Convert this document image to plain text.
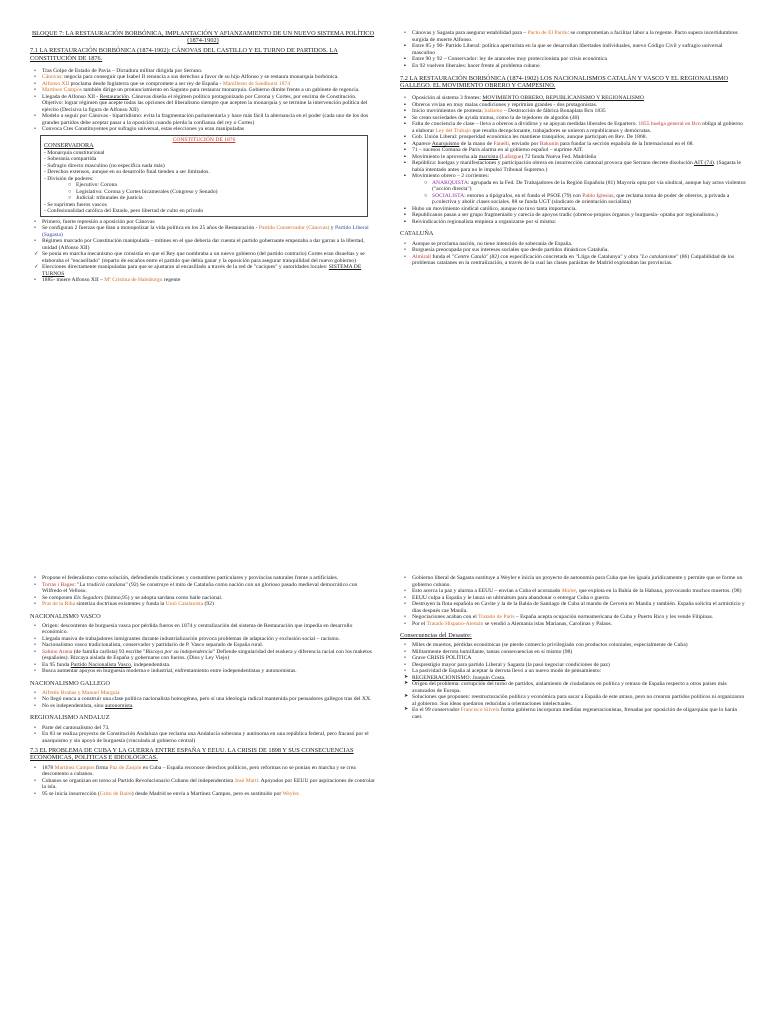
BLOQUE 7: LA RESTAURACIÓN BORBÓNICA, IMPLANTACIÓN Y AFIANZAMIENTO DE UN NUEVO SISTEMA POLÍTICO (1874-1902)
7.1 LA RESTAURACIÓN BORBÓNICA (1874-1902): CÁNOVAS DEL CASTILLO Y EL TURNO DE PARTIDOS. LA CONSTITUCIÓN DE 1876.
• Tras Golpe de Estado de Pavía – Dictadura militar dirigida por Serrano.
• Cánovas: negocia para conseguir que Isabel II renuncia a sus derechos a favor de su hijo Alfonso y se restaura monarquía borbónica.
• Alfonso XII proclama desde Inglaterra que se compromete a ser rey de España - Manifiesto de Sandhurst 1874
• Martínez Campos también dirige un pronunciamiento en Sagunto para restaurar monarquía. Gobierno dimite frente a un gabinete de regencia.
• Llegada de Alfonso XII - Restauración. Cánovas diseña el régimen político protagonizado por Corona y Cortes, por encima de Constitución. Objetivo: lograr régimen que acepte todas las opciones del liberalismo siempre que acepten la monarquía y se termine la intervención política del ejército (Decisiva la figura de Alfonso XII)
• Modelo a seguir por Cánovas - bipartidismo: evita la fragmentación parlamentaria y hace más fácil la alternancia en el poder (cada uno de los dos grandes partidos debe aceptar pasar a la oposición cuando pierda la confianza del rey o Cortes)
• Convoca Ctes Constituyentes por sufragio universal, estas elecciones ya eran manipuladas
CONSTITUCIÓN DE 1876
CONSERVADORA
- Monarquía constitucional
- Soberanía compartida
- Sufragio directo masculino (no especifica nada más)
- Derechos extensos, aunque en su desarrollo final tienden a ser limitados.
- División de poderes:
○ Ejecutivo: Corona
○ Legislativo: Corona y Cortes bicamerales (Congreso y Senado)
○ Judicial: tribunales de justicia
- Se suprimen fueros vascos
- Confesionalidad católica del Estado, pero libertad de culto en privado
• Primero, fuerte represión a oposición por Cánovas
• Se configuran 2 fuerzas que iban a monopolizar la vida política en los 25 años de Restauración - Partido Conservador (Cánovas) y Partido Liberal (Sagasta)
• Régimen marcado por Constitución manipulada – mítines en el que debería dar cuenta el partido gobernante empezaba a dar garras a la libertad, unidad (Alfonso XII)
✓ Se ponía en marcha mecanismo que consistía en que el Rey que nombraba a un nuevo gobierno (del partido contrario) Cortes eran disueltas y se elaboraba el "encasillado" (reparto de escaños entre el partido que debía ganar y la oposición para asegurar tranquilidad del nuevo gobierno)
✓ Elecciones directamente manipuladas para que se ajustaran al encasillado a través de la red de "caciques" y autoridades locales: SISTEMA DE TURNOS
• 1885- muere Alfonso XII – Mª Cristina de Habsburgo regente
• Cánovas y Sagasta para asegurar estabilidad para – Pacto de El Pardo: se comprometían a facilitar labor a la regente. Pacto supera incertidumbres surgida de muerte Alfonso.
▪ Entre 85 y 90- Partido Liberal: política aperturista en la que se desarrollan libertades individuales, nuevo Código Civil y sufragio universal masculino
▪ Entre 90 y 92 – Conservador: ley de aranceles muy proteccionista por crisis económica
▪ En 92 vuelven liberales: hacer frente al problema cubano
7.2 LA RESTAURACIÓN BORBÓNICA (1874-1902) LOS NACIONALISMOS CATALÁN Y VASCO Y EL REGIONALISMO GALLEGO. EL MOVIMIENTO OBRERO Y CAMPESINO.
• Oposición al sistema 3 frentes: MOVIMIENTO OBRERO, REPUBLICANISMO Y REGIONALISMO
▪ Obreros vivían en muy malas condiciones y reprimían grandes - dos protagonistas.
▪ Inicio movimientos de protesta: ludismo – Destrucción de fábrica Bonaplata Bcn 1835
▪ Se crean sociedades de ayuda mutua, como la de tejedores de algodón (40)
▪ Falta de conciencia de clase – lleva a obreros a dividirse y se apoyan medidas liberales de Espartero. 1855 huelga general en Bcn obliga al gobierno a elaborar Ley del Trabajo que resulta decepcionante, trabajadores se unieron a republicanos y demócratas.
▪ Gob. Unión Liberal: prosperidad económica les mantiene tranquilos, aunque participan en Rev. De 1868.
▪ Aparece Anarquismo de la mano de Fanelli, enviado por Bakunin para fundar la sección española de la Internacional en el 68.
▪ 71 – sucesos Comuna de París alarma en al gobierno español – suprime AIT.
▪ Movimiento le aprovecha ala marxista (Lafargue) 72 funda Nueva Fed. Madrileña
▪ República: huelgas y manifestaciones y participación obrera en insurrección cantonal provoca que Serrano decrete disolución AIT (74). (Sagasta le había intentado antes para no le impulsó Tribunal Supremo.)
▪ Movimiento obrero – 2 corrientes:
○ ANARQUISTA: agrupada en la Fed. De Trabajadores de la Región Española (81) Mayoría opta por via sindical, aunque hay actos violentos ("acción directa")
○ SOCIALISTA: entorno a tipógrafos, en el fundo el PSOE (79) con Pablo Iglesias, que reclama toma de poder de obreros, p.privada a p.colectiva y abolir clases sociales. 88 se funda UGT (sindicato de orientación socialista)
▪ Hubo un movimiento sindical católico, aunque no tuvo tanta importancia.
▪ Republicanos pasan a ser grupo fragmentado y carecía de apoyos tradic (obreros-propios órganos y burguesía- optaba por regionalismo.)
▪ Reivindicación regionalista empieza a organizarse por sí misma:
CATALUÑA
• Aunque se proclama nación, no tiene intención de soberanía de España.
• Burguesía preocupada por sus intereses sociales que desde partidos dinásticos Cataluña.
• Almirall funda el "Centre Català" (82) con especificación concretada en "Lliga de Catalunya" y obra "Lo catalanisme" (86) Culpabilidad de los problemas catalanes en la centralización, a través de la cual las clases parásitas de Madrid explotaban las provincias.
• Propone el federalismo como solución, defendiendo tradiciones y costumbres particulares y provincias naturales frente a artificiales.
• Torras i Bages: "La tradició catalana" (92) Se construye el mito de Cataluña como nación con un glorioso pasado medieval democrático con Wilfredo el Velloso.
• Se componen Els Segadors (himno,95) y se adopta sardana como baile nacional.
• Prat de la Riba sintetiza doctrinas existentes y funda la Unió Catalanista (92)
NACIONALISMO VASCO
• Origen: descontento de burguesía vasca por pérdida fueros en 1874 y centralización del sistema de Restauración que impedía en desarrollo económico.
• Llegada masiva de trabajadores inmigrantes durante industrialización provoca problemas de adaptación y exclusión social – racismo.
• Nacionalismo vasco tradicionalista, conservador y partidario de P. Vasco separado de España rural.
• Sabino Arana (de familia carlista) 93 escribe "Bizcaya por su independencia" Defiende singularidad del euskera y diferencia racial con los maketos (españoles). Bizcaya aislada de España y gobernarse con fueros. (Dios y Ley Viejo)
• En 95 funda Partido Nacionalista Vasco, independentista.
• Busca aumentar apoyos en burguesía moderna e industrial, enfrentamiento entre independentistas y autonomistas.
NACIONALISMO GALLEGO
• Alfredo Brañas y Manuel Murguía
• No llegó nunca a construir una clase política nacionalista homogénea, pero sí una ideología radical mantenida por pensadores gallegos tras del XX.
• No es independentista, sino autonomista.
REGIONALISMO ANDALUZ
• Parte del cantonalismo del 73.
• En 83 se realiza proyecto de Constitución Andaluza que reclama una Andalucía soberana y autónoma en una república federal, pero fracasó por el anarquismo y sin apoyo de burguesía (vinculada al gobierno central)
7.3 EL PROBLEMA DE CUBA Y LA GUERRA ENTRE ESPAÑA Y EEUU. LA CRISIS DE 1898 Y SUS CONSECUENCIAS ECONÓMICAS, POLÍTICAS E IDEOLÓGICAS.
• 1878 Martínez Campos firma Paz de Zanjón en Cuba – España reconoce derechos políticos, pero reformas no se ponían en marcha y se crea descontento a cubanos.
• Cubanos se organizan en torno al Partido Revolucionario Cubano del independentista José Martí. Apoyados por EEUU por aspiraciones de controlar la isla.
• 95 se inicia insurrección (Grito de Baire) desde Madrid se envía a Martínez Campos, pero es sustituido por Weyler.
• Gobierno liberal de Sagasta sustituye a Weyler e inicia un proyecto de autonomía para Cuba que les iguala jurídicamente y permite que se forme un gobierno cubano.
• Esto acerca la paz y alarma a EEUU – envían a Cuba el acorazado Maine, que explota en la Bahía de la Habana, provocando muchos muertos. (98)
• EEUU culpa a España y le lanza un ultimátum para abandonar o entregar Cuba o guerra.
• Destruyen la flota española en Cavite y la de la Bahía de Santiago de Cuba al mando de Cervera en Manila y también. España solicita el armisticio y días después cae Manila.
• Negociaciones acaban con el Tratado de París – España acepta ocupación norteamericana de Cuba y Puerto Rico y les vende Filipinas.
• Por el Tratado Hispano-Alemán se vendió a Alemania islas Marianas, Carolinas y Palaos.
Consecuencias del Desastre:
• Miles de muertos, pérdidas económicas (se pierde comercio privilegiado con productos coloniales, especialmente de Cuba)
• Militarmente derrota humillante, tantas consecuencias en sí mismo (98)
• Grave CRISIS POLÍTICA
• Desprestigio mayor para partido Liberal y Sagasta (la pasó negociar condiciones de paz)
• La pasividad de España al aceptar la derrota llevó a un nuevo modo de pensamiento:
➤ REGENERACIONISMO: Joaquín Costa.
➤ Origen del problema: corrupción del turno de partidos, aislamiento de ciudadanos en política y retraso de España respecto a otros países más avanzados de Europa.
➤ Soluciones que proponen: reestructuración política y económica para sacar a España de este atraso, pero no crearon partidos políticos ni organizaron al gobierno. Sus ideas quedaron reducidas a orientaciones intelectuales.
➤ En el 99 conservador Francisco Silvela forma gobierno incorporan medidas regeneracionistas, frenadas por oposición de oligarquías que lo harán caer.
